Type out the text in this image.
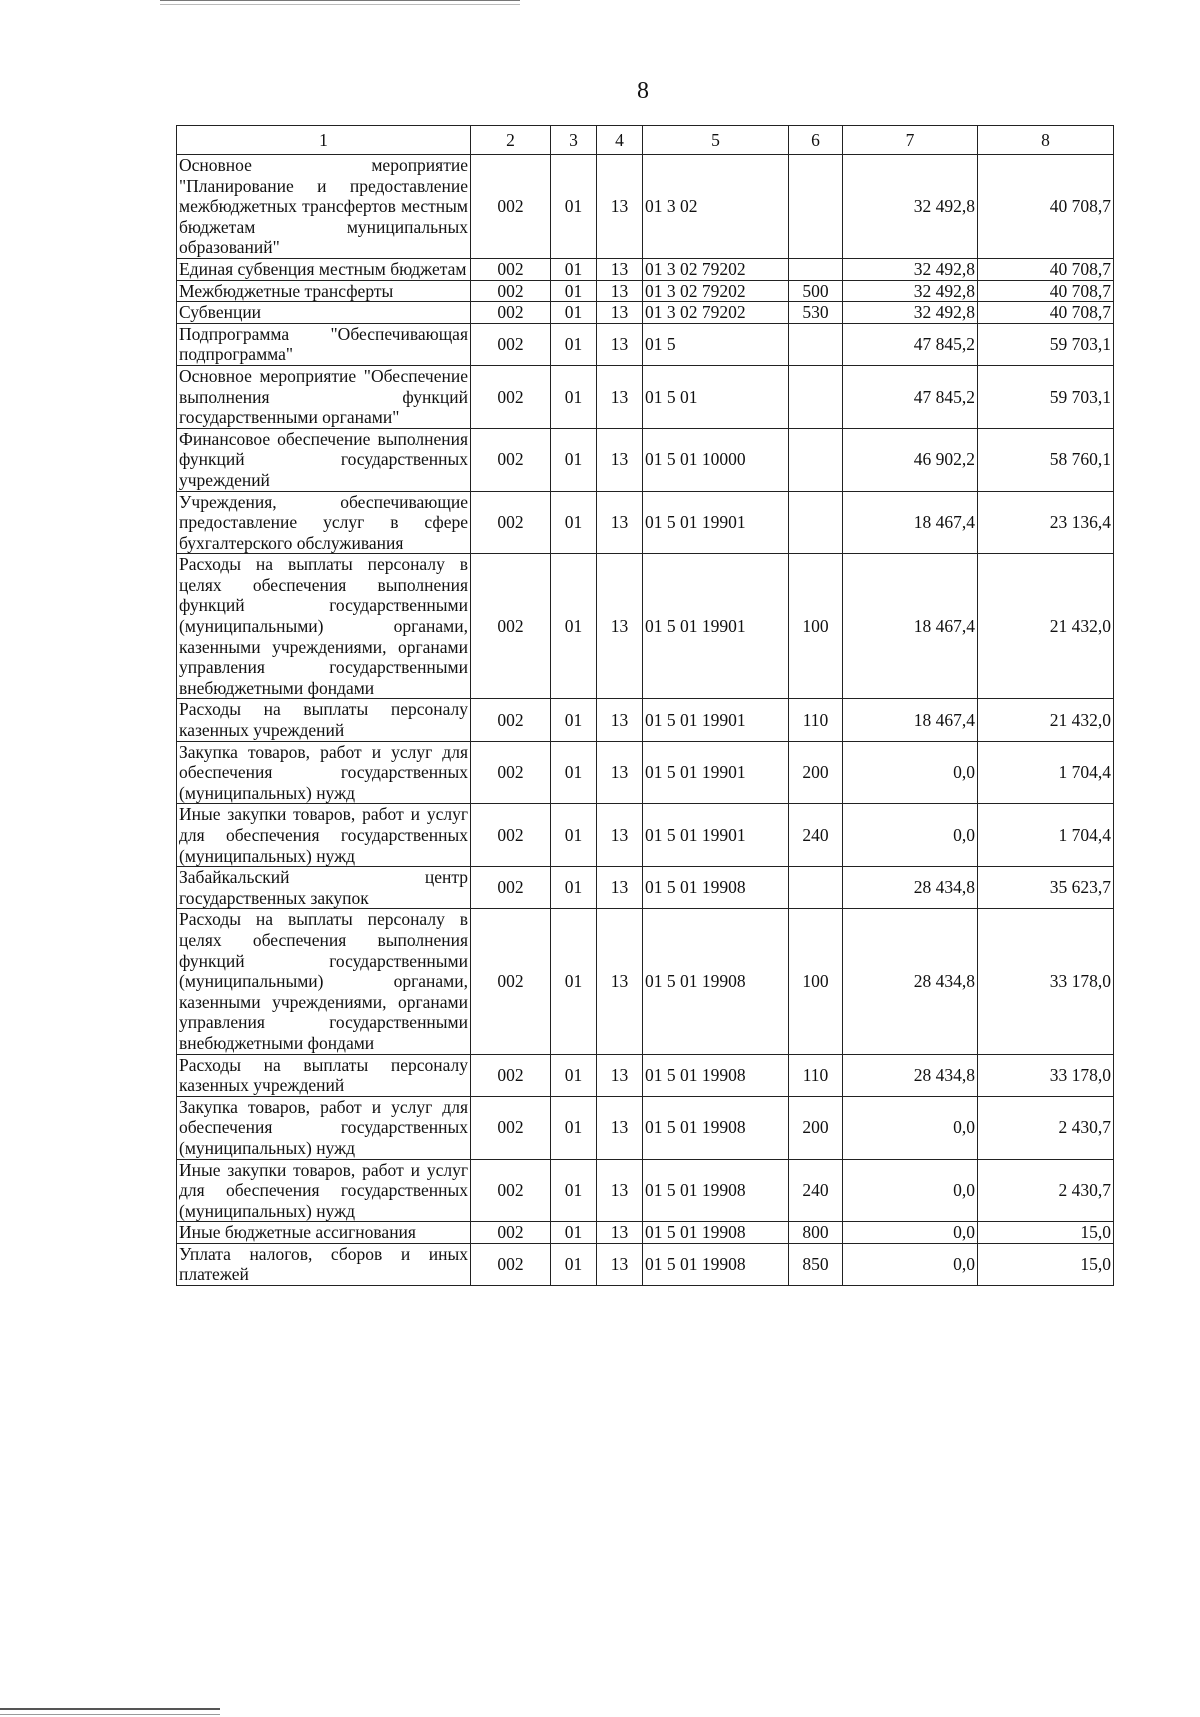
8
1	2	3	4	5	6	7	8
Основное мероприятие "Планирование и предоставление межбюджетных трансфертов местным бюджетам муниципальных образований"	002	01	13	01 3 02		32 492,8	40 708,7
Единая субвенция местным бюджетам	002	01	13	01 3 02 79202		32 492,8	40 708,7
Межбюджетные трансферты	002	01	13	01 3 02 79202	500	32 492,8	40 708,7
Субвенции	002	01	13	01 3 02 79202	530	32 492,8	40 708,7
Подпрограмма "Обеспечивающая подпрограмма"	002	01	13	01 5		47 845,2	59 703,1
Основное мероприятие "Обеспечение выполнения функций государственными органами"	002	01	13	01 5 01		47 845,2	59 703,1
Финансовое обеспечение выполнения функций государственных учреждений	002	01	13	01 5 01 10000		46 902,2	58 760,1
Учреждения, обеспечивающие предоставление услуг в сфере бухгалтерского обслуживания	002	01	13	01 5 01 19901		18 467,4	23 136,4
Расходы на выплаты персоналу в целях обеспечения выполнения функций государственными (муниципальными) органами, казенными учреждениями, органами управления государственными внебюджетными фондами	002	01	13	01 5 01 19901	100	18 467,4	21 432,0
Расходы на выплаты персоналу казенных учреждений	002	01	13	01 5 01 19901	110	18 467,4	21 432,0
Закупка товаров, работ и услуг для обеспечения государственных (муниципальных) нужд	002	01	13	01 5 01 19901	200	0,0	1 704,4
Иные закупки товаров, работ и услуг для обеспечения государственных (муниципальных) нужд	002	01	13	01 5 01 19901	240	0,0	1 704,4
Забайкальский центр государственных закупок	002	01	13	01 5 01 19908		28 434,8	35 623,7
Расходы на выплаты персоналу в целях обеспечения выполнения функций государственными (муниципальными) органами, казенными учреждениями, органами управления государственными внебюджетными фондами	002	01	13	01 5 01 19908	100	28 434,8	33 178,0
Расходы на выплаты персоналу казенных учреждений	002	01	13	01 5 01 19908	110	28 434,8	33 178,0
Закупка товаров, работ и услуг для обеспечения государственных (муниципальных) нужд	002	01	13	01 5 01 19908	200	0,0	2 430,7
Иные закупки товаров, работ и услуг для обеспечения государственных (муниципальных) нужд	002	01	13	01 5 01 19908	240	0,0	2 430,7
Иные бюджетные ассигнования	002	01	13	01 5 01 19908	800	0,0	15,0
Уплата налогов, сборов и иных платежей	002	01	13	01 5 01 19908	850	0,0	15,0
